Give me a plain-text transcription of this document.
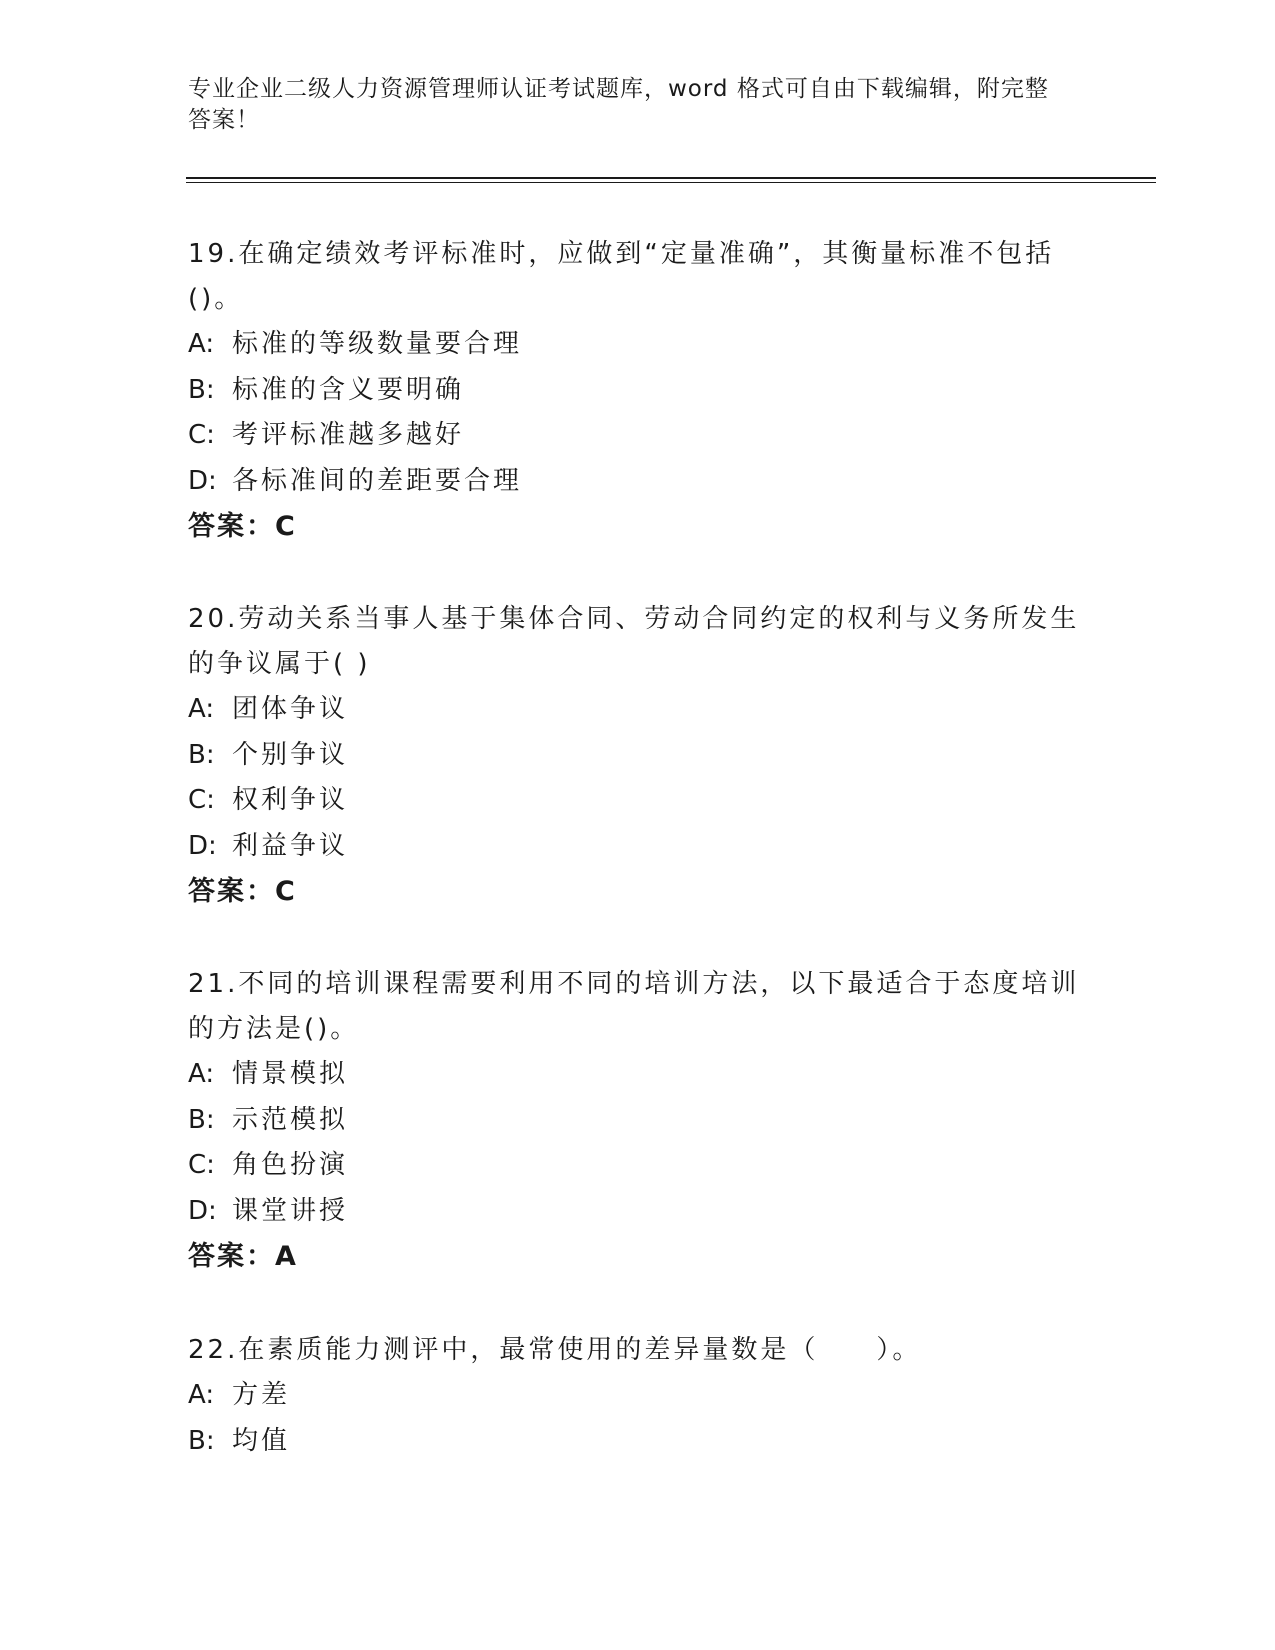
专业企业二级人力资源管理师认证考试题库，word 格式可自由下载编辑，附完整答案！

19.在确定绩效考评标准时，应做到“定量准确”，其衡量标准不包括()。

A: 标准的等级数量要合理

B: 标准的含义要明确

C: 考评标准越多越好

D: 各标准间的差距要合理

答案：C

20.劳动关系当事人基于集体合同、劳动合同约定的权利与义务所发生的争议属于( )

A: 团体争议

B: 个别争议

C: 权利争议

D: 利益争议

答案：C

21.不同的培训课程需要利用不同的培训方法，以下最适合于态度培训的方法是()。

A: 情景模拟

B: 示范模拟

C: 角色扮演

D: 课堂讲授

答案：A

22.在素质能力测评中，最常使用的差异量数是（　　）。

A: 方差

B: 均值
